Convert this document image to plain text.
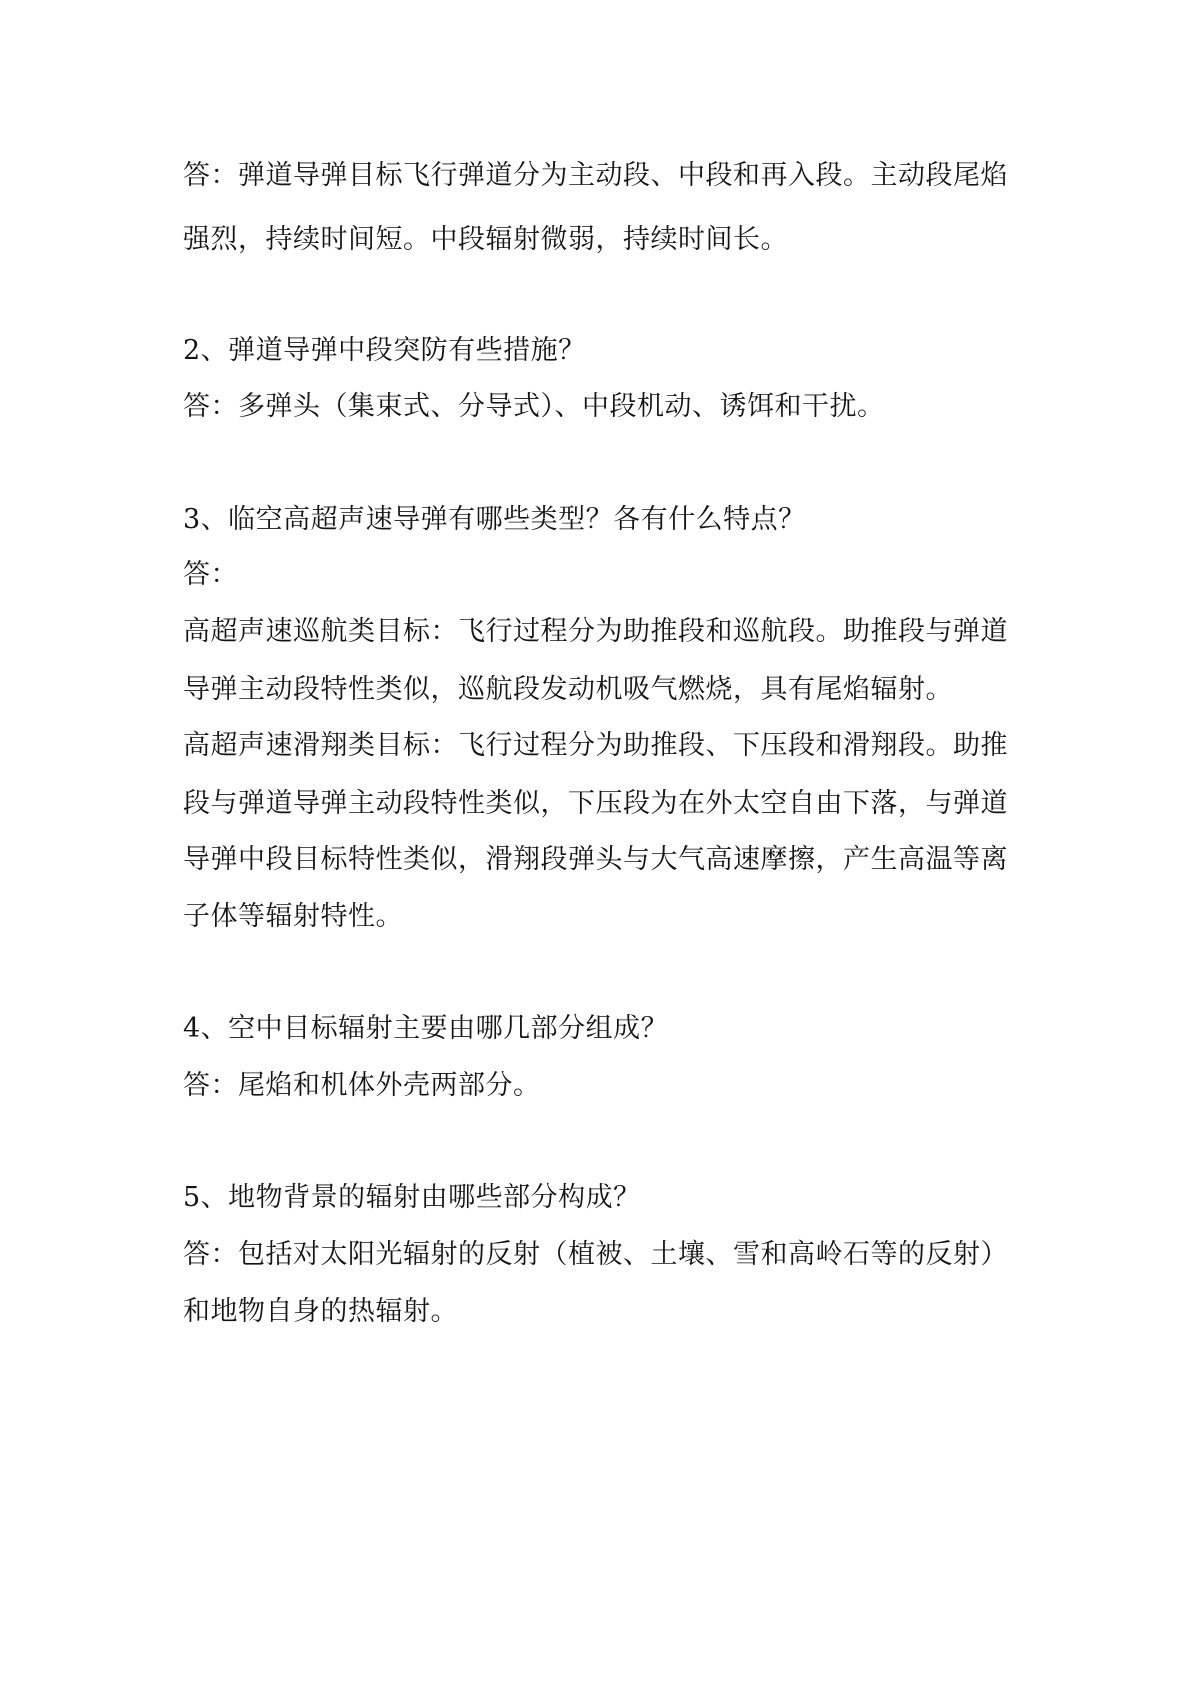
答：弹道导弹目标飞行弹道分为主动段、中段和再入段。主动段尾焰
强烈，持续时间短。中段辐射微弱，持续时间长。
2、弹道导弹中段突防有些措施？
答：多弹头（集束式、分导式）、中段机动、诱饵和干扰。
3、临空高超声速导弹有哪些类型？各有什么特点？
答：
高超声速巡航类目标：飞行过程分为助推段和巡航段。助推段与弹道
导弹主动段特性类似，巡航段发动机吸气燃烧，具有尾焰辐射。
高超声速滑翔类目标：飞行过程分为助推段、下压段和滑翔段。助推
段与弹道导弹主动段特性类似，下压段为在外太空自由下落，与弹道
导弹中段目标特性类似，滑翔段弹头与大气高速摩擦，产生高温等离
子体等辐射特性。
4、空中目标辐射主要由哪几部分组成？
答：尾焰和机体外壳两部分。
5、地物背景的辐射由哪些部分构成？
答：包括对太阳光辐射的反射（植被、土壤、雪和高岭石等的反射）
和地物自身的热辐射。
